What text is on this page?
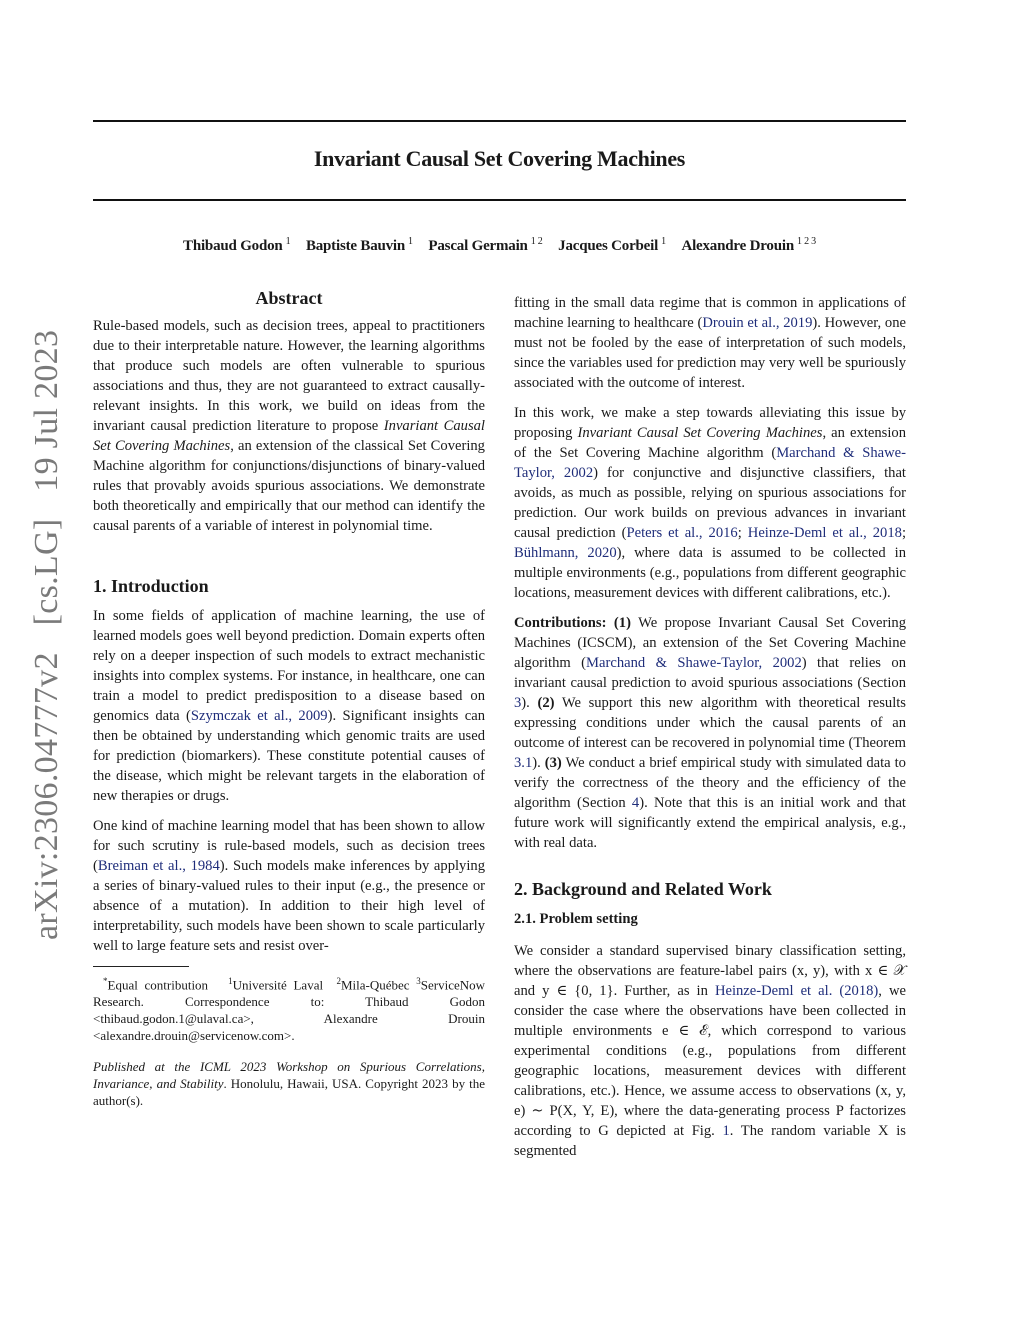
arXiv:2306.04777v2 [cs.LG] 19 Jul 2023
Invariant Causal Set Covering Machines
Thibaud Godon $^1$ Baptiste Bauvin $^1$ Pascal Germain $^{1 2}$ Jacques Corbeil $^1$ Alexandre Drouin $^{1 2 3}$
Abstract

Rule-based models, such as decision trees, appeal to practitioners due to their interpretable nature. However, the learning algorithms that produce such models are often vulnerable to spurious associations and thus, they are not guaranteed to extract causally-relevant insights. In this work, we build on ideas from the invariant causal prediction literature to propose Invariant Causal Set Covering Machines, an extension of the classical Set Covering Machine algorithm for conjunctions/disjunctions of binary-valued rules that provably avoids spurious associations. We demonstrate both theoretically and empirically that our method can identify the causal parents of a variable of interest in polynomial time.

1. Introduction

In some fields of application of machine learning, the use of learned models goes well beyond prediction. Domain experts often rely on a deeper inspection of such models to extract mechanistic insights into complex systems. For instance, in healthcare, one can train a model to predict predisposition to a disease based on genomics data (Szymczak et al., 2009). Significant insights can then be obtained by understanding which genomic traits are used for prediction (biomarkers). These constitute potential causes of the disease, which might be relevant targets in the elaboration of new therapies or drugs.

One kind of machine learning model that has been shown to allow for such scrutiny is rule-based models, such as decision trees (Breiman et al., 1984). Such models make inferences by applying a series of binary-valued rules to their input (e.g., the presence or absence of a mutation). In addition to their high level of interpretability, such models have been shown to scale particularly well to large feature sets and resist over-

*Equal contribution $^1$Université Laval $^2$Mila-Québec $^3$ServiceNow Research. Correspondence to: Thibaud Godon <thibaud.godon.1@ulaval.ca>, Alexandre Drouin <alexandre.drouin@servicenow.com>.

Published at the ICML 2023 Workshop on Spurious Correlations, Invariance, and Stability. Honolulu, Hawaii, USA. Copyright 2023 by the author(s).

fitting in the small data regime that is common in applications of machine learning to healthcare (Drouin et al., 2019). However, one must not be fooled by the ease of interpretation of such models, since the variables used for prediction may very well be spuriously associated with the outcome of interest.

In this work, we make a step towards alleviating this issue by proposing Invariant Causal Set Covering Machines, an extension of the Set Covering Machine algorithm (Marchand & Shawe-Taylor, 2002) for conjunctive and disjunctive classifiers, that avoids, as much as possible, relying on spurious associations for prediction. Our work builds on previous advances in invariant causal prediction (Peters et al., 2016; Heinze-Deml et al., 2018; Bühlmann, 2020), where data is assumed to be collected in multiple environments (e.g., populations from different geographic locations, measurement devices with different calibrations, etc.).

Contributions: (1) We propose Invariant Causal Set Covering Machines (ICSCM), an extension of the Set Covering Machine algorithm (Marchand & Shawe-Taylor, 2002) that relies on invariant causal prediction to avoid spurious associations (Section 3). (2) We support this new algorithm with theoretical results expressing conditions under which the causal parents of an outcome of interest can be recovered in polynomial time (Theorem 3.1). (3) We conduct a brief empirical study with simulated data to verify the correctness of the theory and the efficiency of the algorithm (Section 4). Note that this is an initial work and that future work will significantly extend the empirical analysis, e.g., with real data.

2. Background and Related Work
2.1. Problem setting

We consider a standard supervised binary classification setting, where the observations are feature-label pairs (x, y), with x ∈ 𝒳 and y ∈ {0, 1}. Further, as in Heinze-Deml et al. (2018), we consider the case where the observations have been collected in multiple environments e ∈ ℰ, which correspond to various experimental conditions (e.g., populations from different geographic locations, measurement devices with different calibrations, etc.). Hence, we assume access to observations (x, y, e) ∼ P(X, Y, E), where the data-generating process P factorizes according to G depicted at Fig. 1. The random variable X is segmented
